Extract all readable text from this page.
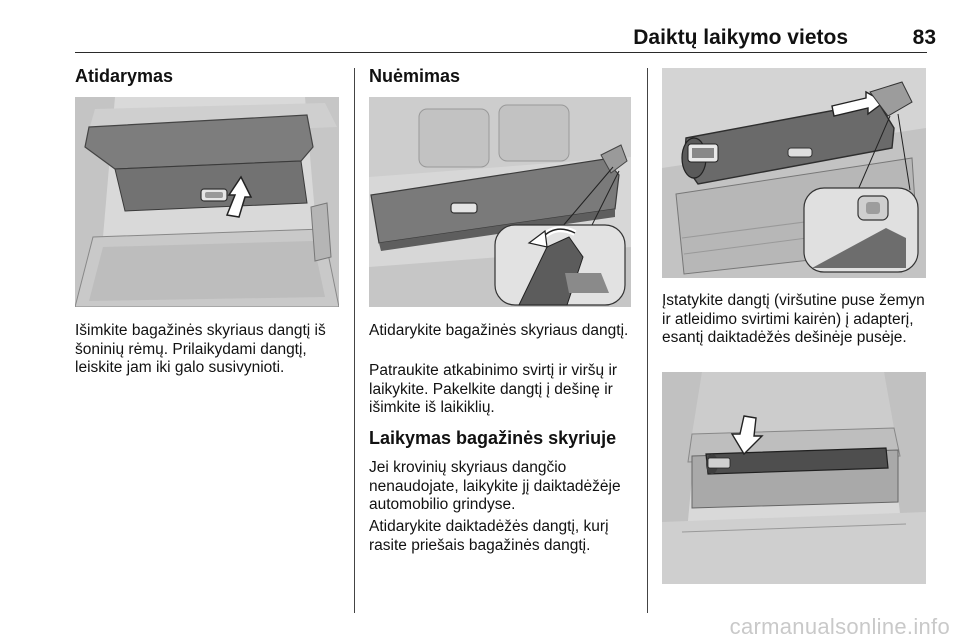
Daiktų laikymo vietos	83
Atidarymas
Išimkite bagažinės skyriaus dangtį iš šoninių rėmų. Prilaikydami dangtį, leiskite jam iki galo susivynioti.
Nuėmimas
Atidarykite bagažinės skyriaus dangtį.
Patraukite atkabinimo svirtį ir viršų ir laikykite. Pakelkite dangtį į dešinę ir išimkite iš laikiklių.
Laikymas bagažinės skyriuje
Jei krovinių skyriaus dangčio nenaudojate, laikykite jį daiktadėžėje automobilio grindyse.
Atidarykite daiktadėžės dangtį, kurį rasite priešais bagažinės dangtį.
Įstatykite dangtį (viršutine puse žemyn ir atleidimo svirtimi kairėn) į adapterį, esantį daiktadėžės dešinėje pusėje.
carmanualsonline.info
